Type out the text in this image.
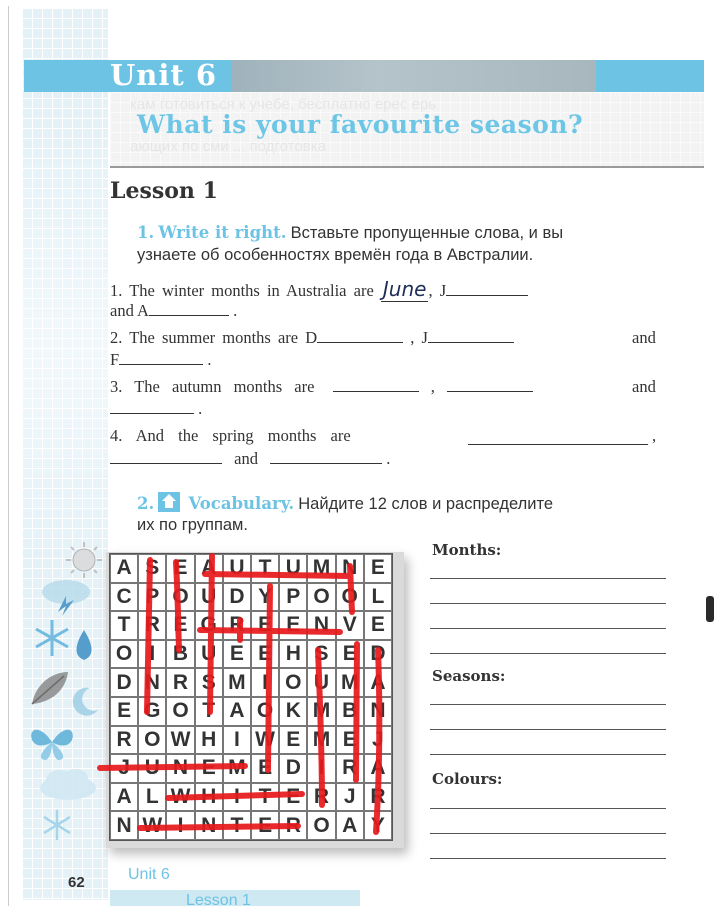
Unit 6
кам готовиться к учебе, бесплатно ерес ерь
ающих по сми ... подготовка
What is your favourite season?
Lesson 1
1. Write it right. Вставьте пропущенные слова, и вы
узнаете об особенностях времён года в Австралии.
1. The winter months in Australia are June , J
and A	.
2. The summer months are D	, J	and
F	.
3. The autumn months are	,	and
.
4. And the spring months are	,
and	.
2. Vocabulary. Найдите 12 слов и распределите
их по группам.
A S E A U T U M N E
C P O U D Y P O O L
T R E G R E E N V E
O I B U E E H S E D
D N R S M I O U M A
E G O T A O K M B N
R O W H I W E M E J
J U N E M E D I R A
A L W H I T E R J R
N W I N T E R O A Y
Months:
Seasons:
Colours:
62	Unit 6
Lesson 1
